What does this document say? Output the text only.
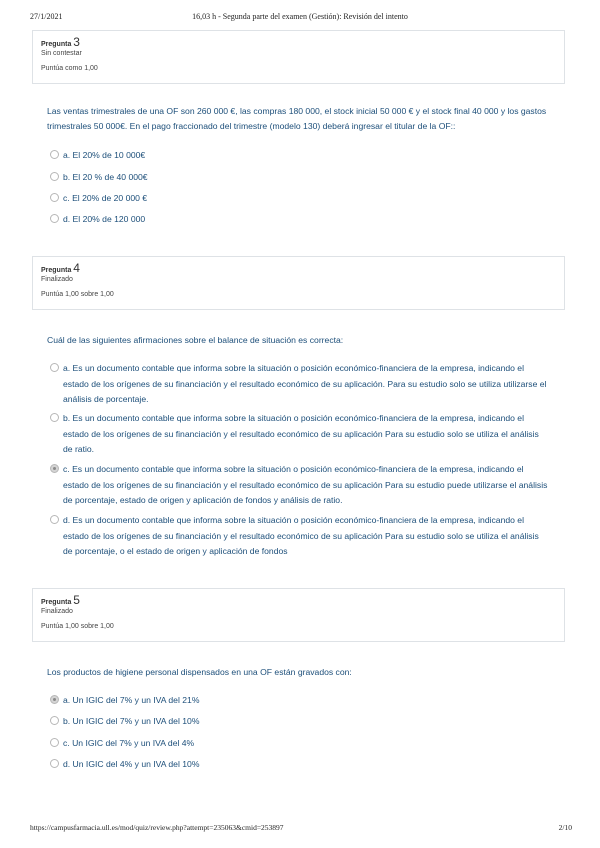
27/1/2021	16,03 h - Segunda parte del examen (Gestión): Revisión del intento
Pregunta 3
Sin contestar
Puntúa como 1,00
Las ventas trimestrales de una OF son 260 000 €, las compras 180 000, el stock inicial 50 000 € y el stock final 40 000 y los gastos trimestrales 50 000€. En el pago fraccionado del trimestre (modelo 130) deberá ingresar el titular de la OF::
a. El 20% de 10 000€
b. El 20 % de 40 000€
c. El 20% de 20 000 €
d. El 20% de 120 000
Pregunta 4
Finalizado
Puntúa 1,00 sobre 1,00
Cuál de las siguientes afirmaciones sobre el balance de situación es correcta:
a. Es un documento contable que informa sobre la situación o posición económico-financiera de la empresa, indicando el estado de los orígenes de su financiación y el resultado económico de su aplicación. Para su estudio solo se utiliza utilizarse el análisis de porcentaje.
b. Es un documento contable que informa sobre la situación o posición económico-financiera de la empresa, indicando el estado de los orígenes de su financiación y el resultado económico de su aplicación Para su estudio solo se utiliza el análisis de ratio.
c. Es un documento contable que informa sobre la situación o posición económico-financiera de la empresa, indicando el estado de los orígenes de su financiación y el resultado económico de su aplicación Para su estudio puede utilizarse el análisis de porcentaje, estado de origen y aplicación de fondos y análisis de ratio.
d. Es un documento contable que informa sobre la situación o posición económico-financiera de la empresa, indicando el estado de los orígenes de su financiación y el resultado económico de su aplicación Para su estudio solo se utiliza el análisis de porcentaje, o el estado de origen y aplicación de fondos
Pregunta 5
Finalizado
Puntúa 1,00 sobre 1,00
Los productos de higiene personal dispensados en una OF están gravados con:
a. Un IGIC del 7% y un IVA del 21%
b. Un IGIC del 7% y un IVA del 10%
c. Un IGIC del 7% y un IVA del 4%
d. Un IGIC del 4% y un IVA del 10%
https://campusfarmacia.ull.es/mod/quiz/review.php?attempt=235063&cmid=253897	2/10
